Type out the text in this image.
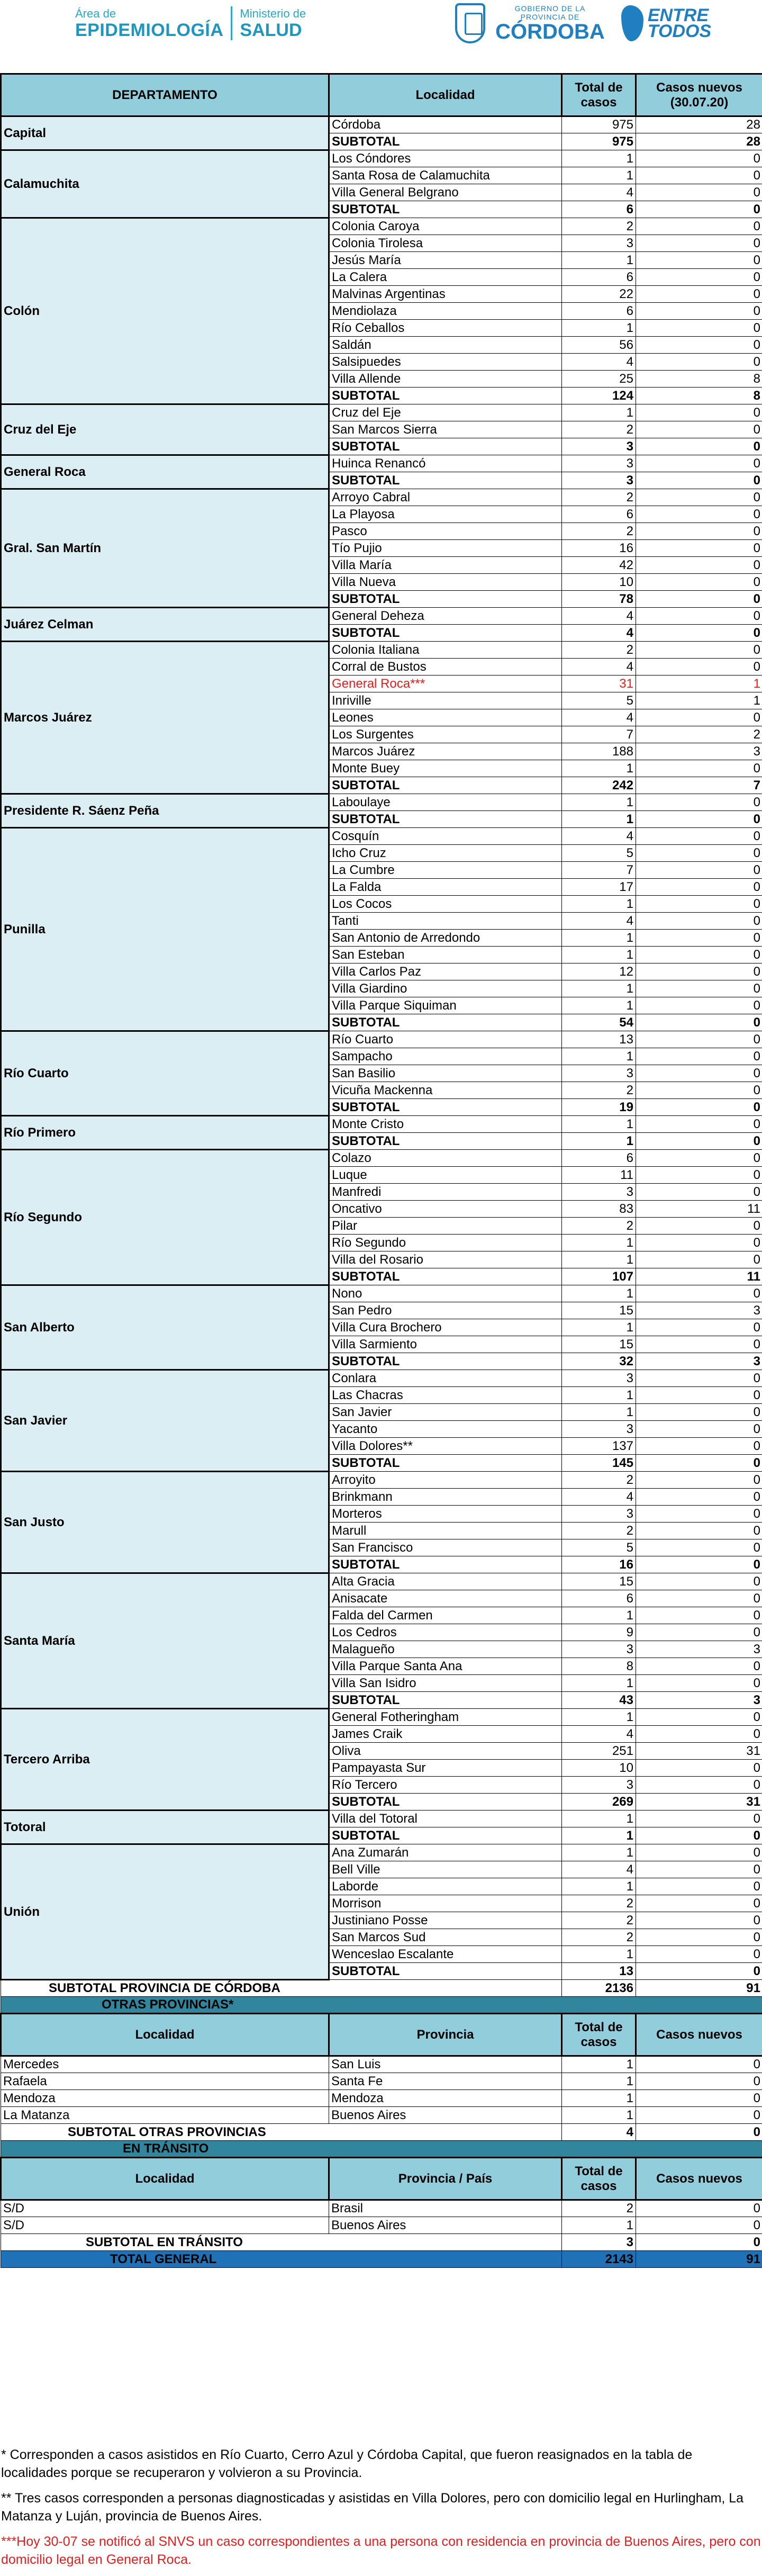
Área de
EPIDEMIOLOGÍA
Ministerio de
SALUD
GOBIERNO DE LA PROVINCIA DE
CÓRDOBA
ENTRE TODOS
DEPARTAMENTO	Localidad	Total de casos	Casos nuevos (30.07.20)
Capital	Córdoba	975	28
	SUBTOTAL	975	28
Calamuchita	Los Cóndores	1	0
	Santa Rosa de Calamuchita	1	0
	Villa General Belgrano	4	0
	SUBTOTAL	6	0
Colón	Colonia Caroya	2	0
	Colonia Tirolesa	3	0
	Jesús María	1	0
	La Calera	6	0
	Malvinas Argentinas	22	0
	Mendiolaza	6	0
	Río Ceballos	1	0
	Saldán	56	0
	Salsipuedes	4	0
	Villa Allende	25	8
	SUBTOTAL	124	8
Cruz del Eje	Cruz del Eje	1	0
	San Marcos Sierra	2	0
	SUBTOTAL	3	0
General Roca	Huinca Renancó	3	0
	SUBTOTAL	3	0
Gral. San Martín	Arroyo Cabral	2	0
	La Playosa	6	0
	Pasco	2	0
	Tío Pujio	16	0
	Villa María	42	0
	Villa Nueva	10	0
	SUBTOTAL	78	0
Juárez Celman	General Deheza	4	0
	SUBTOTAL	4	0
Marcos Juárez	Colonia Italiana	2	0
	Corral de Bustos	4	0
	General Roca***	31	1
	Inriville	5	1
	Leones	4	0
	Los Surgentes	7	2
	Marcos Juárez	188	3
	Monte Buey	1	0
	SUBTOTAL	242	7
Presidente R. Sáenz Peña	Laboulaye	1	0
	SUBTOTAL	1	0
Punilla	Cosquín	4	0
	Icho Cruz	5	0
	La Cumbre	7	0
	La Falda	17	0
	Los Cocos	1	0
	Tanti	4	0
	San Antonio de Arredondo	1	0
	San Esteban	1	0
	Villa Carlos Paz	12	0
	Villa Giardino	1	0
	Villa Parque Siquiman	1	0
	SUBTOTAL	54	0
Río Cuarto	Río Cuarto	13	0
	Sampacho	1	0
	San Basilio	3	0
	Vicuña Mackenna	2	0
	SUBTOTAL	19	0
Río Primero	Monte Cristo	1	0
	SUBTOTAL	1	0
Río Segundo	Colazo	6	0
	Luque	11	0
	Manfredi	3	0
	Oncativo	83	11
	Pilar	2	0
	Río Segundo	1	0
	Villa del Rosario	1	0
	SUBTOTAL	107	11
San Alberto	Nono	1	0
	San Pedro	15	3
	Villa Cura Brochero	1	0
	Villa Sarmiento	15	0
	SUBTOTAL	32	3
San Javier	Conlara	3	0
	Las Chacras	1	0
	San Javier	1	0
	Yacanto	3	0
	Villa Dolores**	137	0
	SUBTOTAL	145	0
San Justo	Arroyito	2	0
	Brinkmann	4	0
	Morteros	3	0
	Marull	2	0
	San Francisco	5	0
	SUBTOTAL	16	0
Santa María	Alta Gracia	15	0
	Anisacate	6	0
	Falda del Carmen	1	0
	Los Cedros	9	0
	Malagueño	3	3
	Villa Parque Santa Ana	8	0
	Villa San Isidro	1	0
	SUBTOTAL	43	3
Tercero Arriba	General Fotheringham	1	0
	James Craik	4	0
	Oliva	251	31
	Pampayasta Sur	10	0
	Río Tercero	3	0
	SUBTOTAL	269	31
Totoral	Villa del Totoral	1	0
	SUBTOTAL	1	0
Unión	Ana Zumarán	1	0
	Bell Ville	4	0
	Laborde	1	0
	Morrison	2	0
	Justiniano Posse	2	0
	San Marcos Sud	2	0
	Wenceslao Escalante	1	0
	SUBTOTAL	13	0
SUBTOTAL PROVINCIA DE CÓRDOBA		2136	91
OTRAS PROVINCIAS*			
Localidad	Provincia	Total de casos	Casos nuevos
Mercedes	San Luis	1	0
Rafaela	Santa Fe	1	0
Mendoza	Mendoza	1	0
La Matanza	Buenos Aires	1	0
SUBTOTAL OTRAS PROVINCIAS		4	0
EN TRÁNSITO			
Localidad	Provincia / País	Total de casos	Casos nuevos
S/D	Brasil	2	0
S/D	Buenos Aires	1	0
SUBTOTAL EN TRÁNSITO		3	0
TOTAL GENERAL		2143	91

* Corresponden a casos asistidos en Río Cuarto, Cerro Azul y Córdoba Capital, que fueron reasignados en la tabla de localidades porque se recuperaron y volvieron a su Provincia.

** Tres casos corresponden a personas diagnosticadas y asistidas en Villa Dolores, pero con domicilio legal en Hurlingham, La Matanza y Luján, provincia de Buenos Aires.

***Hoy 30-07 se notificó al SNVS un caso correspondientes a una persona con residencia en provincia de Buenos Aires, pero con domicilio legal en General Roca.
